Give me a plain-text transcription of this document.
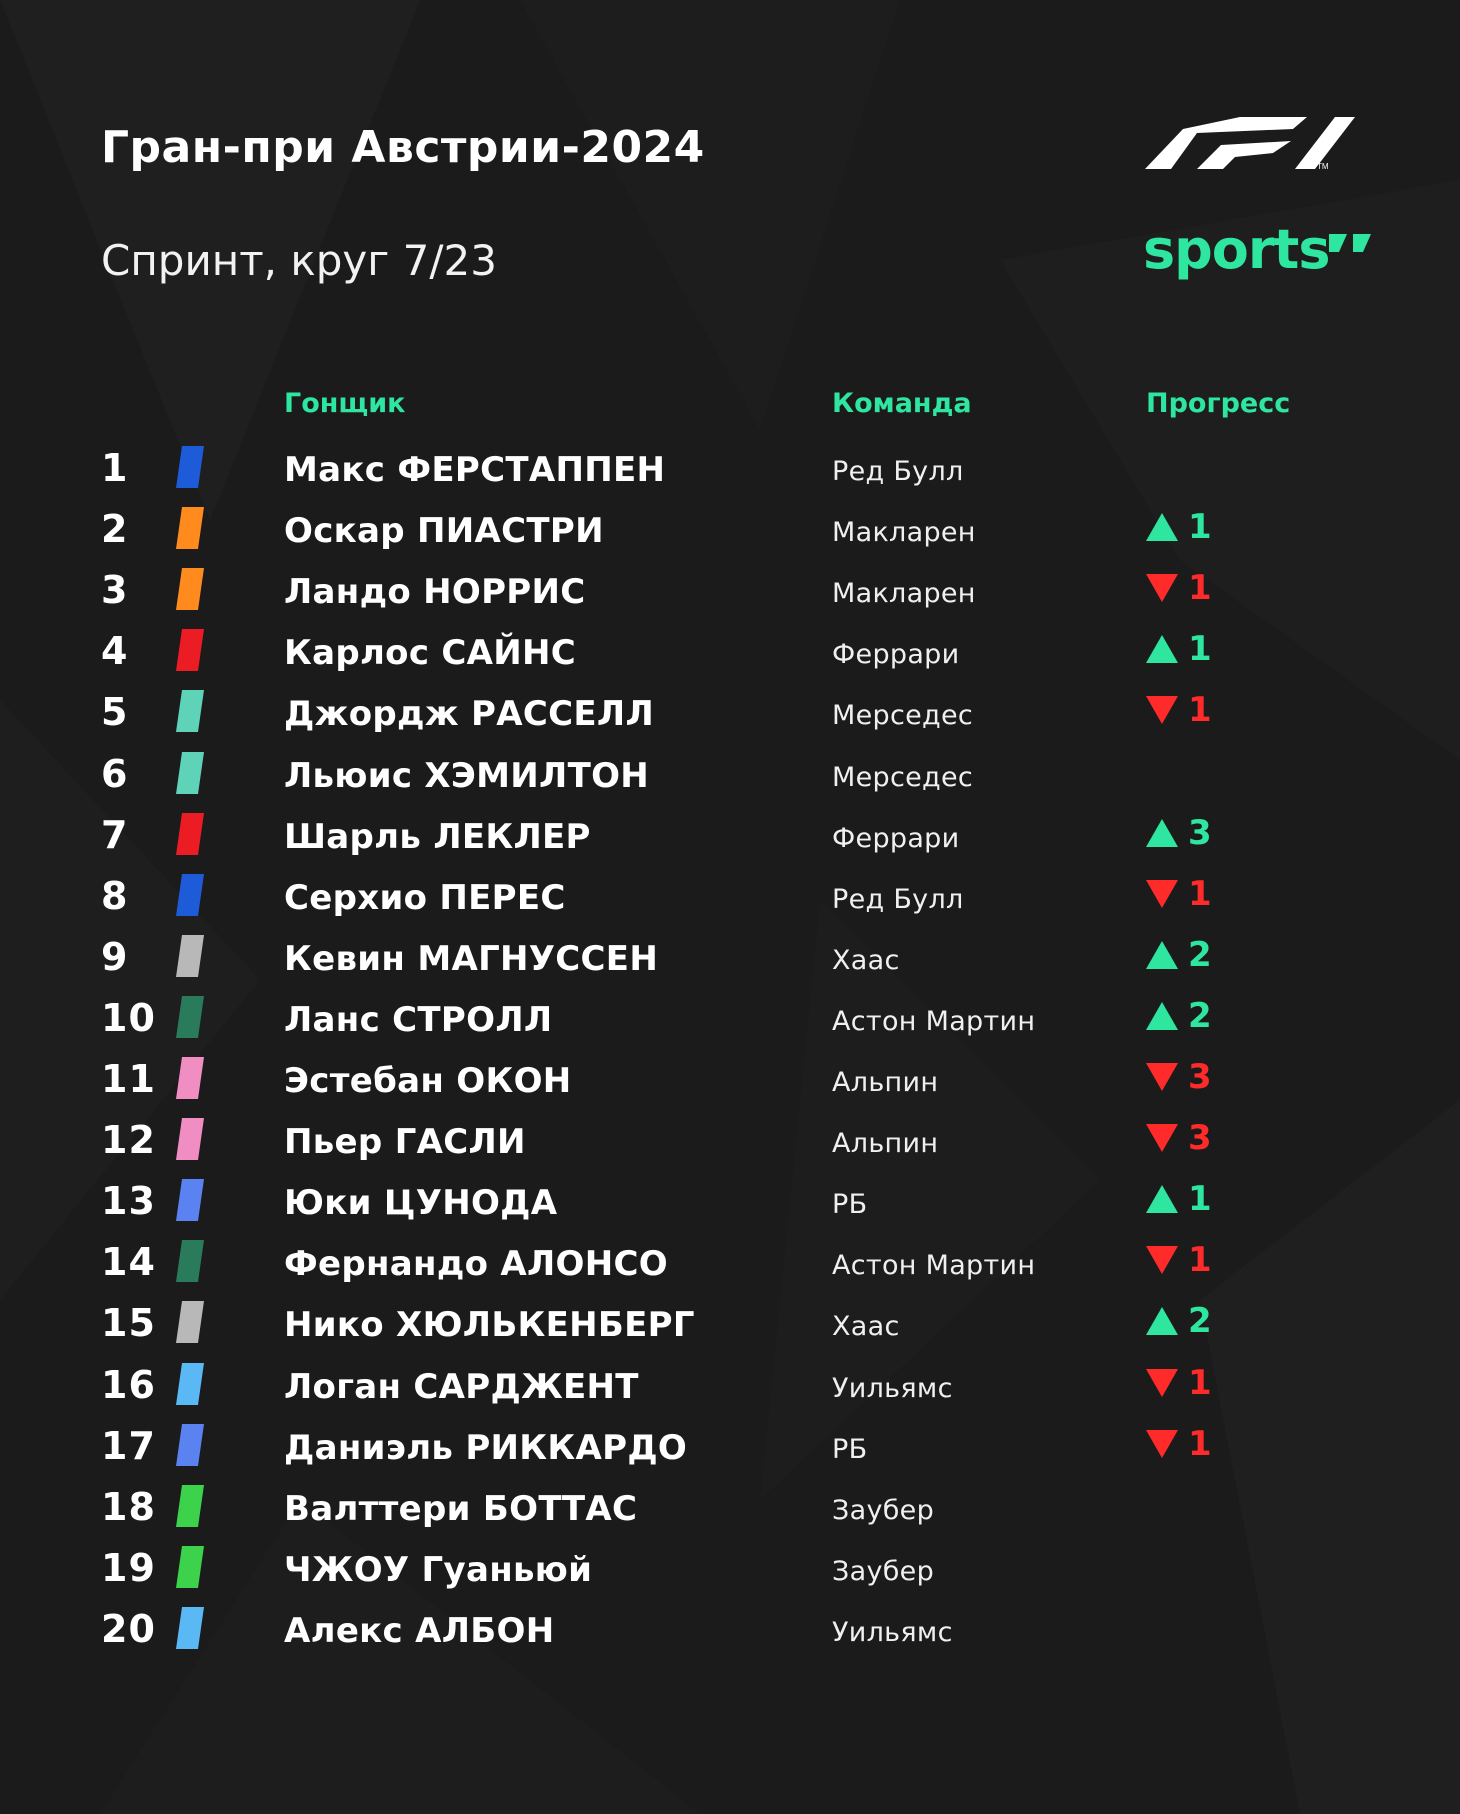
Гран-при Австрии-2024
Спринт, круг 7/23
TM
sports
Гонщик	Команда	Прогресс
1	Макс ФЕРСТАППЕН	Ред Булл
2	Оскар ПИАСТРИ	Макларен	1
3	Ландо НОРРИС	Макларен	1
4	Карлос САЙНС	Феррари	1
5	Джордж РАССЕЛЛ	Мерседес	1
6	Льюис ХЭМИЛТОН	Мерседес
7	Шарль ЛЕКЛЕР	Феррари	3
8	Серхио ПЕРЕС	Ред Булл	1
9	Кевин МАГНУССЕН	Хаас	2
10	Ланс СТРОЛЛ	Астон Мартин	2
11	Эстебан ОКОН	Альпин	3
12	Пьер ГАСЛИ	Альпин	3
13	Юки ЦУНОДА	РБ	1
14	Фернандо АЛОНСО	Астон Мартин	1
15	Нико ХЮЛЬКЕНБЕРГ	Хаас	2
16	Логан САРДЖЕНТ	Уильямс	1
17	Даниэль РИККАРДО	РБ	1
18	Валттери БОТТАС	Заубер
19	ЧЖОУ Гуаньюй	Заубер
20	Алекс АЛБОН	Уильямс
